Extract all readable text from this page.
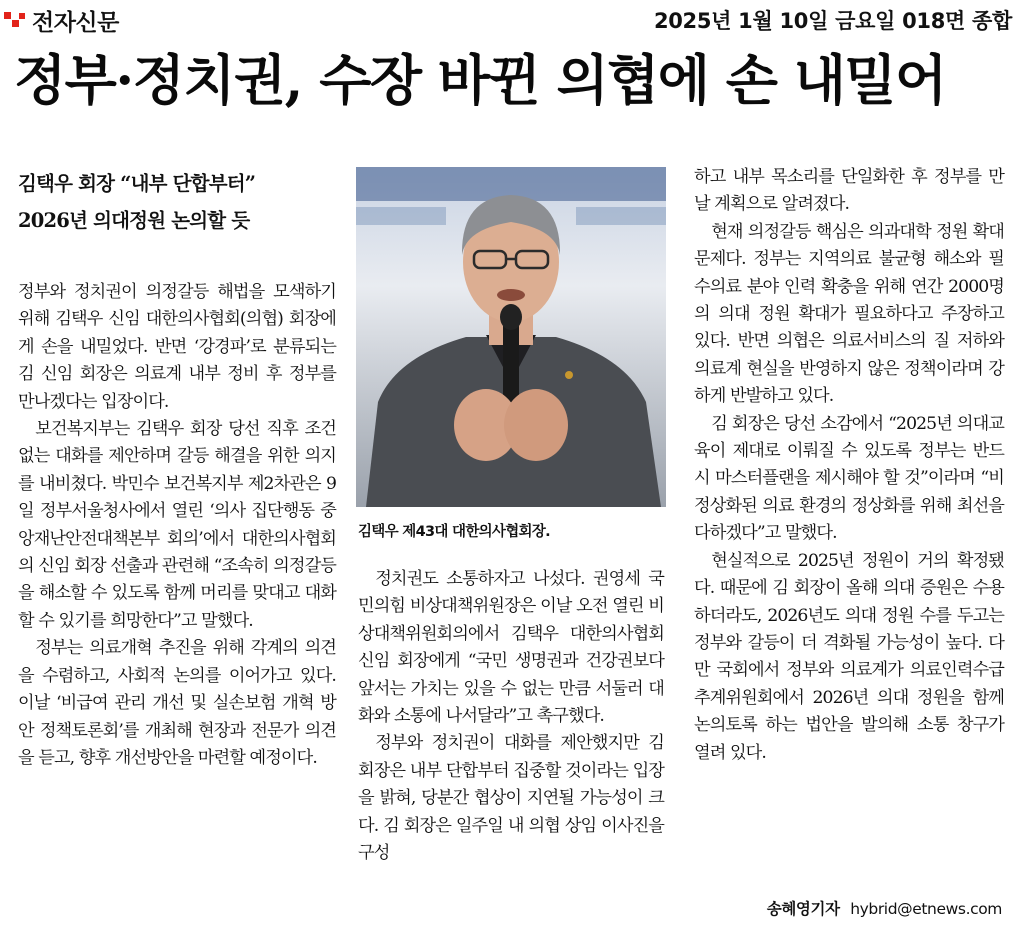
전자신문	2025년 1월 10일 금요일 018면 종합
정부·정치권, 수장 바뀐 의협에 손 내밀어
김택우 회장 “내부 단합부터”
2026년 의대정원 논의할 듯

정부와 정치권이 의정갈등 해법을 모색하기 위해 김택우 신임 대한의사협회(의협) 회장에게 손을 내밀었다. 반면 ‘강경파’로 분류되는 김 신임 회장은 의료계 내부 정비 후 정부를 만나겠다는 입장이다.

보건복지부는 김택우 회장 당선 직후 조건 없는 대화를 제안하며 갈등 해결을 위한 의지를 내비쳤다. 박민수 보건복지부 제2차관은 9일 정부서울청사에서 열린 ‘의사 집단행동 중앙재난안전대책본부 회의’에서 대한의사협회의 신임 회장 선출과 관련해 “조속히 의정갈등을 해소할 수 있도록 함께 머리를 맞대고 대화할 수 있기를 희망한다”고 말했다.

정부는 의료개혁 추진을 위해 각계의 의견을 수렴하고, 사회적 논의를 이어가고 있다. 이날 ‘비급여 관리 개선 및 실손보험 개혁 방안 정책토론회’를 개최해 현장과 전문가 의견을 듣고, 향후 개선방안을 마련할 예정이다.

김택우 제43대 대한의사협회장.

정치권도 소통하자고 나섰다. 권영세 국민의힘 비상대책위원장은 이날 오전 열린 비상대책위원회의에서 김택우 대한의사협회 신임 회장에게 “국민 생명권과 건강권보다 앞서는 가치는 있을 수 없는 만큼 서둘러 대화와 소통에 나서달라”고 촉구했다.

정부와 정치권이 대화를 제안했지만 김 회장은 내부 단합부터 집중할 것이라는 입장을 밝혀, 당분간 협상이 지연될 가능성이 크다. 김 회장은 일주일 내 의협 상임 이사진을 구성

하고 내부 목소리를 단일화한 후 정부를 만날 계획으로 알려졌다.

현재 의정갈등 핵심은 의과대학 정원 확대 문제다. 정부는 지역의료 불균형 해소와 필수의료 분야 인력 확충을 위해 연간 2000명의 의대 정원 확대가 필요하다고 주장하고 있다. 반면 의협은 의료서비스의 질 저하와 의료계 현실을 반영하지 않은 정책이라며 강하게 반발하고 있다.

김 회장은 당선 소감에서 “2025년 의대교육이 제대로 이뤄질 수 있도록 정부는 반드시 마스터플랜을 제시해야 할 것”이라며 “비정상화된 의료 환경의 정상화를 위해 최선을 다하겠다”고 말했다.

현실적으로 2025년 정원이 거의 확정됐다. 때문에 김 회장이 올해 의대 증원은 수용하더라도, 2026년도 의대 정원 수를 두고는 정부와 갈등이 더 격화될 가능성이 높다. 다만 국회에서 정부와 의료계가 의료인력수급추계위원회에서 2026년 의대 정원을 함께 논의토록 하는 법안을 발의해 소통 창구가 열려 있다.

송혜영기자 hybrid@etnews.com
